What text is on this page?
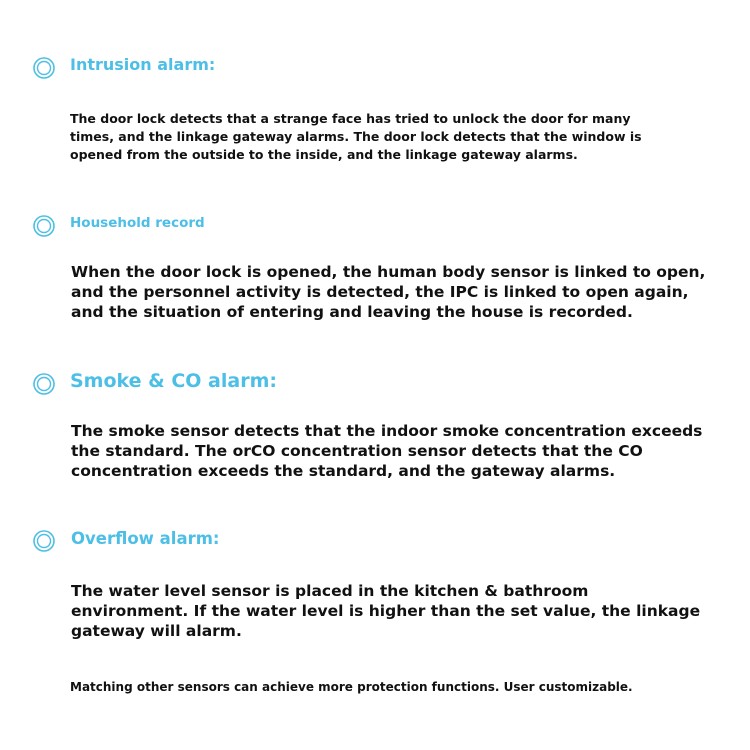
Intrusion alarm:
The door lock detects that a strange face has tried to unlock the door for many times, and the linkage gateway alarms. The door lock detects that the window is opened from the outside to the inside, and the linkage gateway alarms.
Household record
When the door lock is opened, the human body sensor is linked to open, and the personnel activity is detected, the IPC is linked to open again, and the situation of entering and leaving the house is recorded.
Smoke & CO alarm:
The smoke sensor detects that the indoor smoke concentration exceeds the standard. The orCO concentration sensor detects that the CO concentration exceeds the standard, and the gateway alarms.
Overflow alarm:
The water level sensor is placed in the kitchen & bathroom environment. If the water level is higher than the set value, the linkage gateway will alarm.
Matching other sensors can achieve more protection functions. User customizable.
